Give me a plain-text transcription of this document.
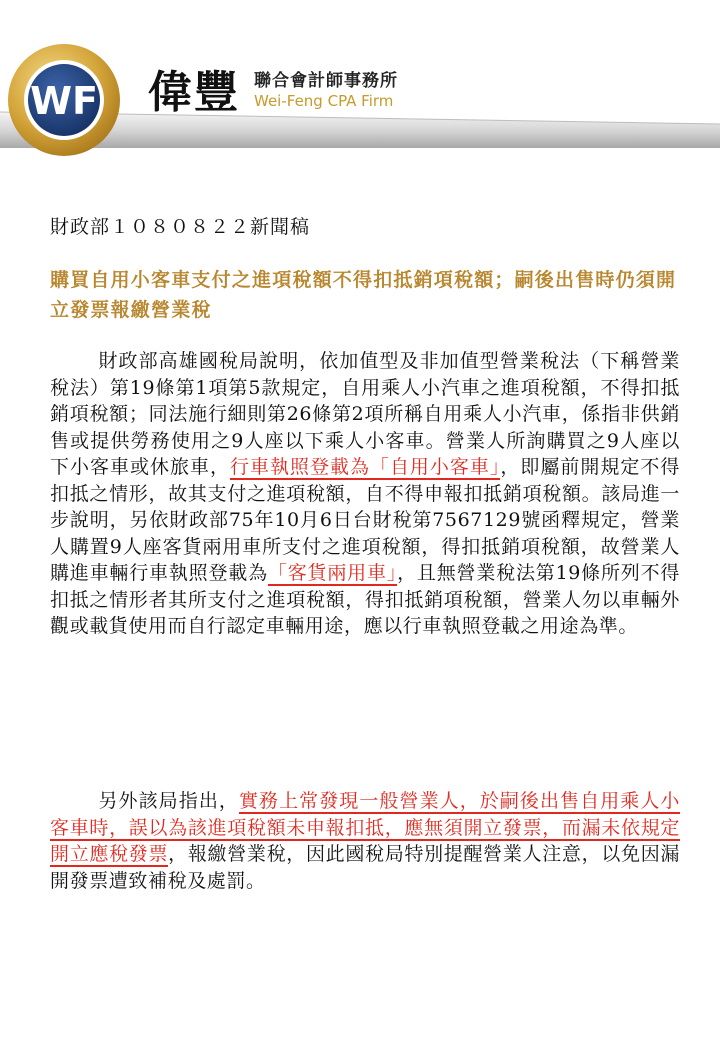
WF 偉豐 聯合會計師事務所
Wei-Feng CPA Firm
財政部１０８０８２２新聞稿
購買自用小客車支付之進項稅額不得扣抵銷項稅額；嗣後出售時仍須開立發票報繳營業稅
財政部高雄國稅局說明，依加值型及非加值型營業稅法（下稱營業稅法）第19條第1項第5款規定，自用乘人小汽車之進項稅額，不得扣抵銷項稅額；同法施行細則第26條第2項所稱自用乘人小汽車，係指非供銷售或提供勞務使用之9人座以下乘人小客車。營業人所詢購買之9人座以下小客車或休旅車，行車執照登載為「自用小客車」，即屬前開規定不得扣抵之情形，故其支付之進項稅額，自不得申報扣抵銷項稅額。該局進一步說明，另依財政部75年10月6日台財稅第7567129號函釋規定，營業人購置9人座客貨兩用車所支付之進項稅額，得扣抵銷項稅額，故營業人購進車輛行車執照登載為「客貨兩用車」，且無營業稅法第19條所列不得扣抵之情形者其所支付之進項稅額，得扣抵銷項稅額，營業人勿以車輛外觀或載貨使用而自行認定車輛用途，應以行車執照登載之用途為準。
另外該局指出，實務上常發現一般營業人，於嗣後出售自用乘人小客車時，誤以為該進項稅額未申報扣抵，應無須開立發票，而漏未依規定開立應稅發票，報繳營業稅，因此國稅局特別提醒營業人注意，以免因漏開發票遭致補稅及處罰。
